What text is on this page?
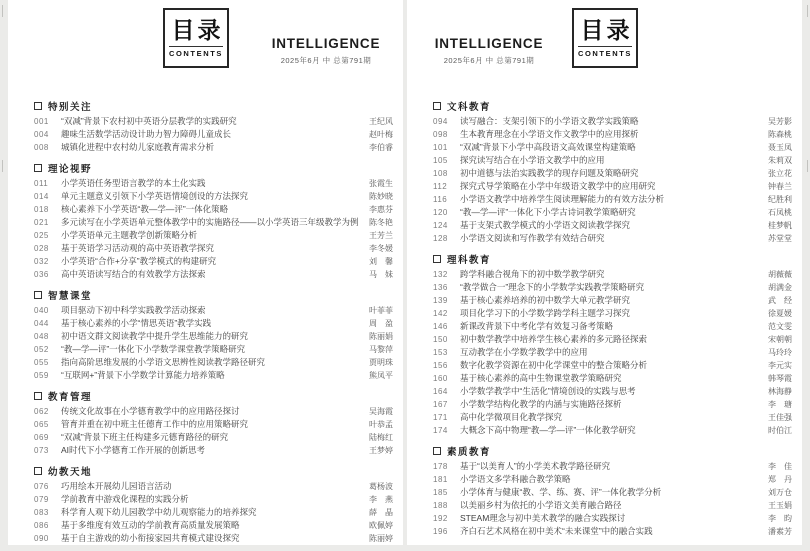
目录
CONTENTS
INTELLIGENCE
2025年6月 中 总第791期
特别关注
001	“双减”背景下农村初中英语分层教学的实践研究	王纪风
004	趣味生活数学活动设计助力智力障碍儿童成长	赵叶梅
008	城镇化进程中农村幼儿家庭教育需求分析	李伯睿
理论视野
011	小学英语任务型语言教学的本土化实践	张霞生
014	单元主题意义引领下小学英语情境创设的方法探究	陈妙晓
018	核心素养下小学英语“教—学—评”一体化策略	李惠芬
021	多元读写在小学英语单元整体教学中的实施路径——以小学英语三年级教学为例	陈冬艳
025	小学英语单元主题教学创新策略分析	王芳兰
028	基于英语学习活动观的高中英语教学探究	李冬媛
032	小学英语“合作+分享”教学模式的构建研究	刘　馨
036	高中英语读写结合的有效教学方法探索	马　妹
智慧课堂
040	项目驱动下初中科学实践教学活动探索	叶菲菲
044	基于核心素养的小学“情思英语”教学实践	周　盈
048	初中语文群文阅读教学中提升学生思维能力的研究	陈丽娟
052	“教—学—评”一体化下小学数学课堂教学策略研究	马黎萍
055	指向高阶思维发展的小学语文思辨性阅读教学路径研究	贾明珠
059	“互联网+”背景下小学数学计算能力培养策略	熊凤平
教育管理
062	传统文化故事在小学德育教学中的应用路径探讨	吴海霞
065	管育并重在初中班主任德育工作中的应用策略研究	叶恭孟
069	“双减”背景下班主任构建多元德育路径的研究	陆梅红
073	AI时代下小学德育工作开展的创新思考	王梦婷
幼教天地
076	巧用绘本开展幼儿园语言活动	葛杨波
079	学前教育中游戏化课程的实践分析	李　燕
083	科学育人观下幼儿园教学中幼儿观察能力的培养探究	薛　晶
086	基于多维度有效互动的学前教育高质量发展策略	欧佩婷
090	基于自主游戏的幼小衔接家园共育模式建设探究	陈丽婷
INTELLIGENCE
2025年6月 中 总第791期
目录
CONTENTS
文科教育
094	读写融合：支架引领下的小学语文教学实践策略	吴芳影
098	生本教育理念在小学语文作文教学中的应用探析	陈森桃
101	“双减”背景下小学中高段语文高效课堂构建策略	聂玉凤
105	探究读写结合在小学语文教学中的应用	朱莉双
108	初中道德与法治实践教学的现存问题及策略研究	张立花
112	探究式导学策略在小学中年级语文教学中的应用研究	钟春兰
116	小学语文教学中培养学生阅读理解能力的有效方法分析	纪胜利
120	“教—学—评”一体化下小学古诗词教学策略研究	石凤桃
124	基于支架式教学模式的小学语文阅读教学探究	桂梦帆
128	小学语文阅读和写作教学有效结合研究	苏堂堂
理科教育
132	跨学科融合视角下的初中数学教学研究	胡薇薇
136	“教学做合一”理念下的小学数学实践教学策略研究	胡满金
139	基于核心素养培养的初中数学大单元教学研究	武　经
142	项目化学习下的小学数学跨学科主题学习探究	徐夏媛
146	新课改背景下中考化学有效复习备考策略	范文雯
150	初中数学教学中培养学生核心素养的多元路径探索	宋朝朝
153	互动教学在小学数学教学中的应用	马玲玲
156	数字化教学资源在初中化学课堂中的整合策略分析	李元实
160	基于核心素养的高中生物课堂教学策略研究	韩琴霞
164	小学数学教学中“生活化”情境创设的实践与思考	林海静
167	小学数学结构化教学的内涵与实施路径探析	李　瑭
171	高中化学微项目化教学探究	王佳强
174	大概念下高中物理“教—学—评”一体化教学研究	时伯江
素质教育
178	基于“以美育人”的小学美术教学路径研究	李　佳
181	小学语文多学科融合教学策略	郑　丹
185	小学体育与健康“教、学、练、赛、评”一体化教学分析	刘万仓
188	以美丽乡村为依托的小学语文美育融合路径	王玉娟
192	STEAM理念与初中美术教学的融合实践探讨	李　昀
196	齐白石艺术风格在初中美术“未来课堂”中的融合实践	潘素芳
